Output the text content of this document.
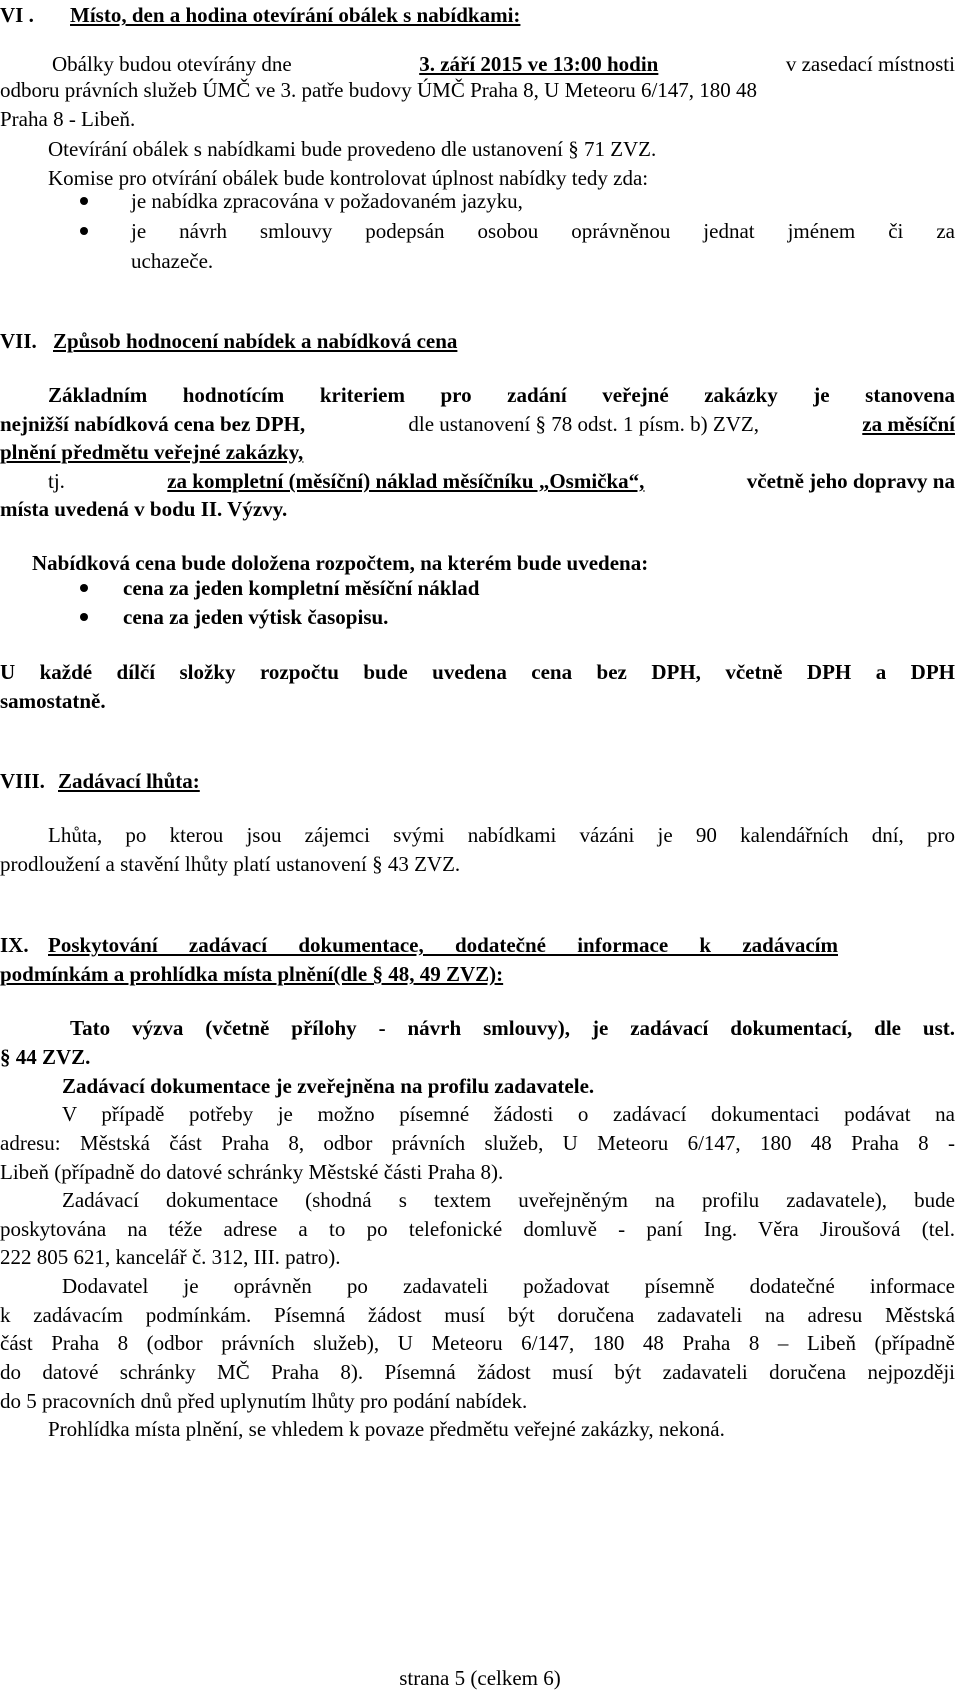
VI . Místo, den a hodina otevírání obálek s nabídkami:
Obálky budou otevírány dne	3. září 2015 ve 13:00 hodin	v zasedací místnosti
odboru právních služeb ÚMČ ve 3. patře budovy ÚMČ Praha 8, U Meteoru 6/147, 180 48
Praha 8 - Libeň.
Otevírání obálek s nabídkami bude provedeno dle ustanovení § 71 ZVZ.
Komise pro otvírání obálek bude kontrolovat úplnost nabídky tedy zda:
je nabídka zpracována v požadovaném jazyku,
je návrh smlouvy podepsán osobou oprávněnou jednat jménem či za
uchazeče.
VII. Způsob hodnocení nabídek a nabídková cena
Základním hodnotícím kriteriem pro zadání veřejné zakázky je stanovena
nejnižší nabídková cena bez DPH,	dle ustanovení § 78 odst. 1 písm. b) ZVZ,	za měsíční
plnění předmětu veřejné zakázky,
tj.	za kompletní (měsíční) náklad měsíčníku „Osmička“,	včetně jeho dopravy na
místa uvedená v bodu II. Výzvy.
Nabídková cena bude doložena rozpočtem, na kterém bude uvedena:
cena za jeden kompletní měsíční náklad
cena za jeden výtisk časopisu.
U každé dílčí složky rozpočtu bude uvedena cena bez DPH, včetně DPH a DPH
samostatně.
VIII. Zadávací lhůta:
Lhůta, po kterou jsou zájemci svými nabídkami vázáni je 90 kalendářních dní, pro
prodloužení a stavění lhůty platí ustanovení § 43 ZVZ.
IX. Poskytování zadávací dokumentace, dodatečné informace k zadávacím
podmínkám a prohlídka místa plnění(dle § 48, 49 ZVZ):
Tato výzva (včetně přílohy - návrh smlouvy), je zadávací dokumentací, dle ust.
§ 44 ZVZ.
Zadávací dokumentace je zveřejněna na profilu zadavatele.
V případě potřeby je možno písemné žádosti o zadávací dokumentaci podávat na
adresu: Městská část Praha 8, odbor právních služeb, U Meteoru 6/147, 180 48 Praha 8 -
Libeň (případně do datové schránky Městské části Praha 8).
Zadávací dokumentace (shodná s textem uveřejněným na profilu zadavatele), bude
poskytována na téže adrese a to po telefonické domluvě - paní Ing. Věra Jiroušová (tel.
222 805 621, kancelář č. 312, III. patro).
Dodavatel je oprávněn po zadavateli požadovat písemně dodatečné informace
k zadávacím podmínkám. Písemná žádost musí být doručena zadavateli na adresu Městská
část Praha 8 (odbor právních služeb), U Meteoru 6/147, 180 48 Praha 8 – Libeň (případně
do datové schránky MČ Praha 8). Písemná žádost musí být zadavateli doručena nejpozději
do 5 pracovních dnů před uplynutím lhůty pro podání nabídek.
Prohlídka místa plnění, se vhledem k povaze předmětu veřejné zakázky, nekoná.
strana 5 (celkem 6)
